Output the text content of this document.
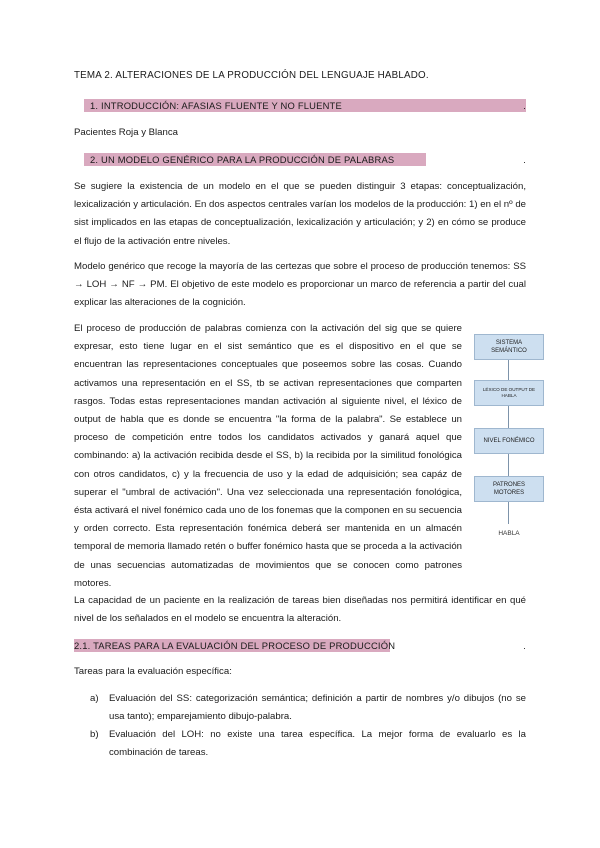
TEMA 2. ALTERACIONES DE LA PRODUCCIÓN DEL LENGUAJE HABLADO.
1. INTRODUCCIÓN: AFASIAS FLUENTE Y NO FLUENTE	.
Pacientes Roja y Blanca
2. UN MODELO GENÉRICO PARA LA PRODUCCIÓN DE PALABRAS	.
Se sugiere la existencia de un modelo en el que se pueden distinguir 3 etapas: conceptualización, lexicalización y articulación. En dos aspectos centrales varían los modelos de la producción: 1) en el nº de sist implicados en las etapas de conceptualización, lexicalización y articulación; y 2) en cómo se produce el flujo de la activación entre niveles.
Modelo genérico que recoge la mayoría de las certezas que sobre el proceso de producción tenemos: SS → LOH → NF → PM. El objetivo de este modelo es proporcionar un marco de referencia a partir del cual explicar las alteraciones de la cognición.
El proceso de producción de palabras comienza con la activación del sig que se quiere expresar, esto tiene lugar en el sist semántico que es el dispositivo en el que se encuentran las representaciones conceptuales que poseemos sobre las cosas. Cuando activamos una representación en el SS, tb se activan representaciones que comparten rasgos. Todas estas representaciones mandan activación al siguiente nivel, el léxico de output de habla que es donde se encuentra "la forma de la palabra". Se establece un proceso de competición entre todos los candidatos activados y ganará aquel que combinando: a) la activación recibida desde el SS, b) la recibida por la similitud fonológica con otros candidatos, c) y la frecuencia de uso y la edad de adquisición; sea capáz de superar el "umbral de activación". Una vez seleccionada una representación fonológica, ésta activará el nivel fonémico cada uno de los fonemas que la componen en su secuencia y orden correcto. Esta representación fonémica deberá ser mantenida en un almacén temporal de memoria llamado retén o buffer fonémico hasta que se proceda a la activación de unas secuencias automatizadas de movimientos que se conocen como patrones motores.
SISTEMA SEMÁNTICO
LÉXICO DE OUTPUT DE HABLA
NIVEL FONÉMICO
PATRONES MOTORES
HABLA
La capacidad de un paciente en la realización de tareas bien diseñadas nos permitirá identificar en qué nivel de los señalados en el modelo se encuentra la alteración.
2.1. TAREAS PARA LA EVALUACIÓN DEL PROCESO DE PRODUCCIÓN	.
Tareas para la evaluación específica:
a) Evaluación del SS: categorización semántica; definición a partir de nombres y/o dibujos (no se usa tanto); emparejamiento dibujo-palabra.
b) Evaluación del LOH: no existe una tarea específica. La mejor forma de evaluarlo es la combinación de tareas.
